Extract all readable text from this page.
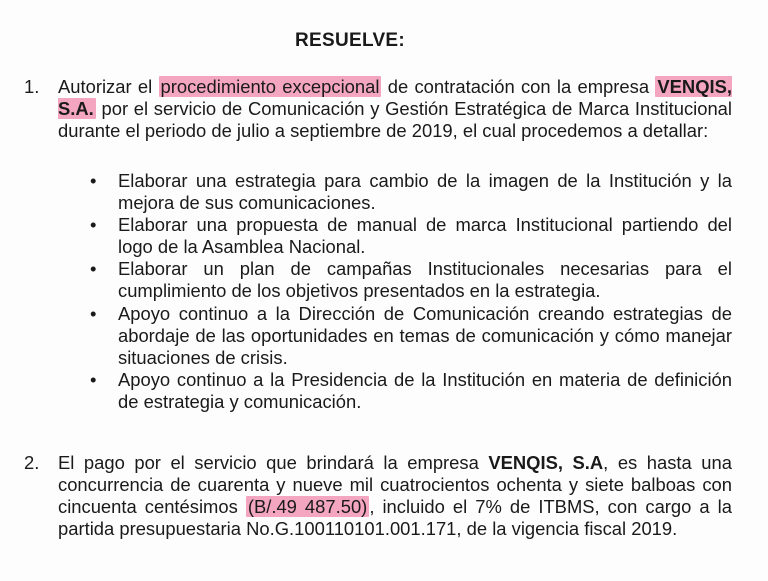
RESUELVE:
1. Autorizar el procedimiento excepcional de contratación con la empresa VENQIS, S.A. por el servicio de Comunicación y Gestión Estratégica de Marca Institucional durante el periodo de julio a septiembre de 2019, el cual procedemos a detallar:
• Elaborar una estrategia para cambio de la imagen de la Institución y la mejora de sus comunicaciones.
• Elaborar una propuesta de manual de marca Institucional partiendo del logo de la Asamblea Nacional.
• Elaborar un plan de campañas Institucionales necesarias para el cumplimiento de los objetivos presentados en la estrategia.
• Apoyo continuo a la Dirección de Comunicación creando estrategias de abordaje de las oportunidades en temas de comunicación y cómo manejar situaciones de crisis.
• Apoyo continuo a la Presidencia de la Institución en materia de definición de estrategia y comunicación.
2. El pago por el servicio que brindará la empresa VENQIS, S.A, es hasta una concurrencia de cuarenta y nueve mil cuatrocientos ochenta y siete balboas con cincuenta centésimos (B/.49 487.50) , incluido el 7% de ITBMS, con cargo a la partida presupuestaria No.G.100110101.001.171, de la vigencia fiscal 2019.
